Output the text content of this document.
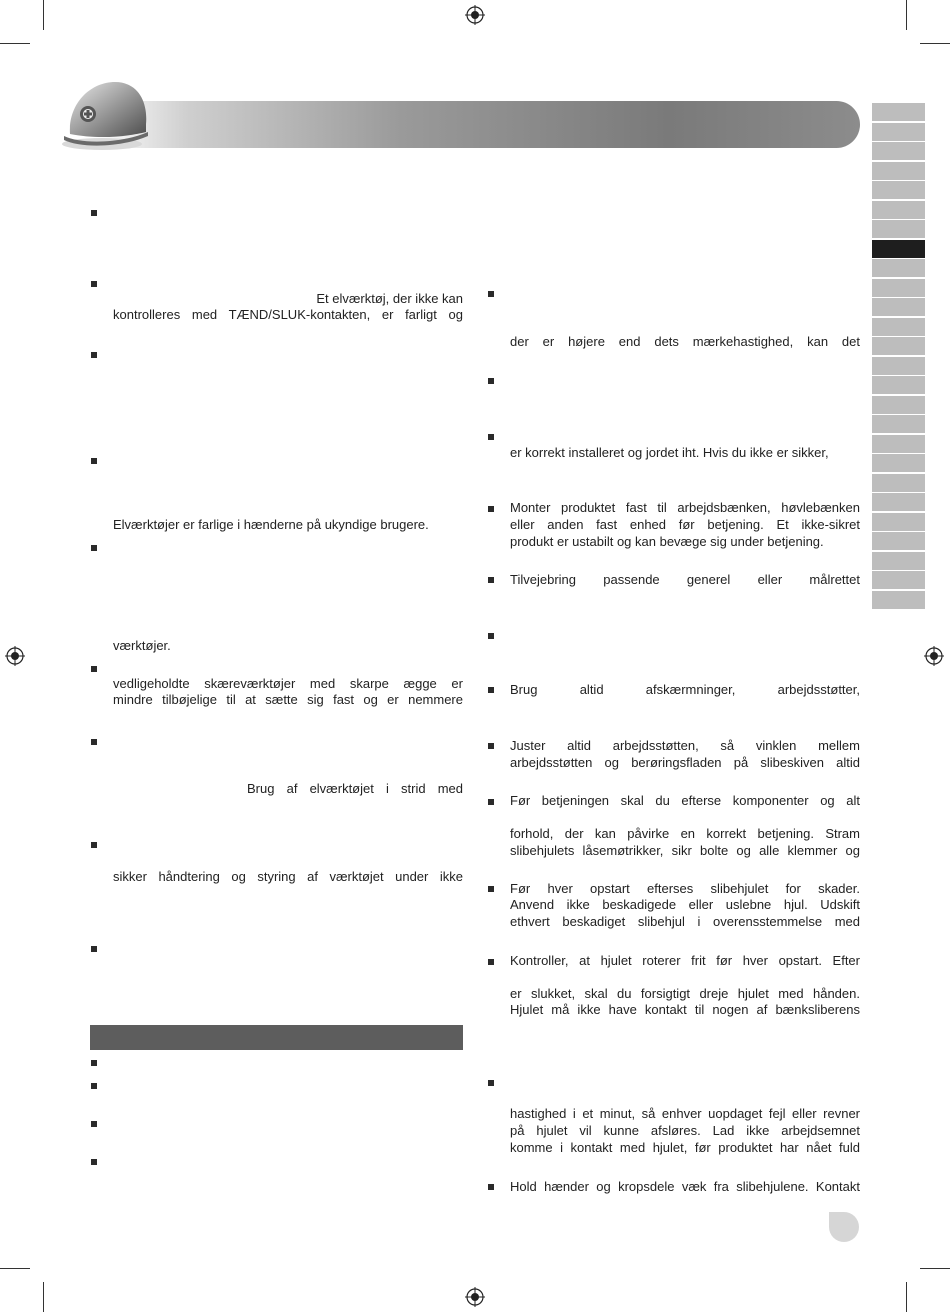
Et elværktøj, der ikke kan
kontrolleres med TÆND/SLUK-kontakten, er farligt og
Elværktøjer er farlige i hænderne på ukyndige brugere.
værktøjer.
vedligeholdte skæreværktøjer med skarpe ægge er
mindre tilbøjelige til at sætte sig fast og er nemmere
Brug af elværktøjet i strid med
sikker håndtering og styring af værktøjet under ikke
der er højere end dets mærkehastighed, kan det
er korrekt installeret og jordet iht. Hvis du ikke er sikker,
Monter produktet fast til arbejdsbænken, høvlebænken
eller anden fast enhed før betjening. Et ikke-sikret
produkt er ustabilt og kan bevæge sig under betjening.
Tilvejebring passende generel eller målrettet
Brug altid afskærmninger, arbejdsstøtter,
Juster altid arbejdsstøtten, så vinklen mellem
arbejdsstøtten og berøringsfladen på slibeskiven altid
Før betjeningen skal du efterse komponenter og alt
forhold, der kan påvirke en korrekt betjening. Stram
slibehjulets låsemøtrikker, sikr bolte og alle klemmer og
Før hver opstart efterses slibehjulet for skader.
Anvend ikke beskadigede eller uslebne hjul. Udskift
ethvert beskadiget slibehjul i overensstemmelse med
Kontroller, at hjulet roterer frit før hver opstart. Efter
er slukket, skal du forsigtigt dreje hjulet med hånden.
Hjulet må ikke have kontakt til nogen af bænksliberens
hastighed i et minut, så enhver uopdaget fejl eller revner
på hjulet vil kunne afsløres. Lad ikke arbejdsemnet
komme i kontakt med hjulet, før produktet har nået fuld
Hold hænder og kropsdele væk fra slibehjulene. Kontakt
